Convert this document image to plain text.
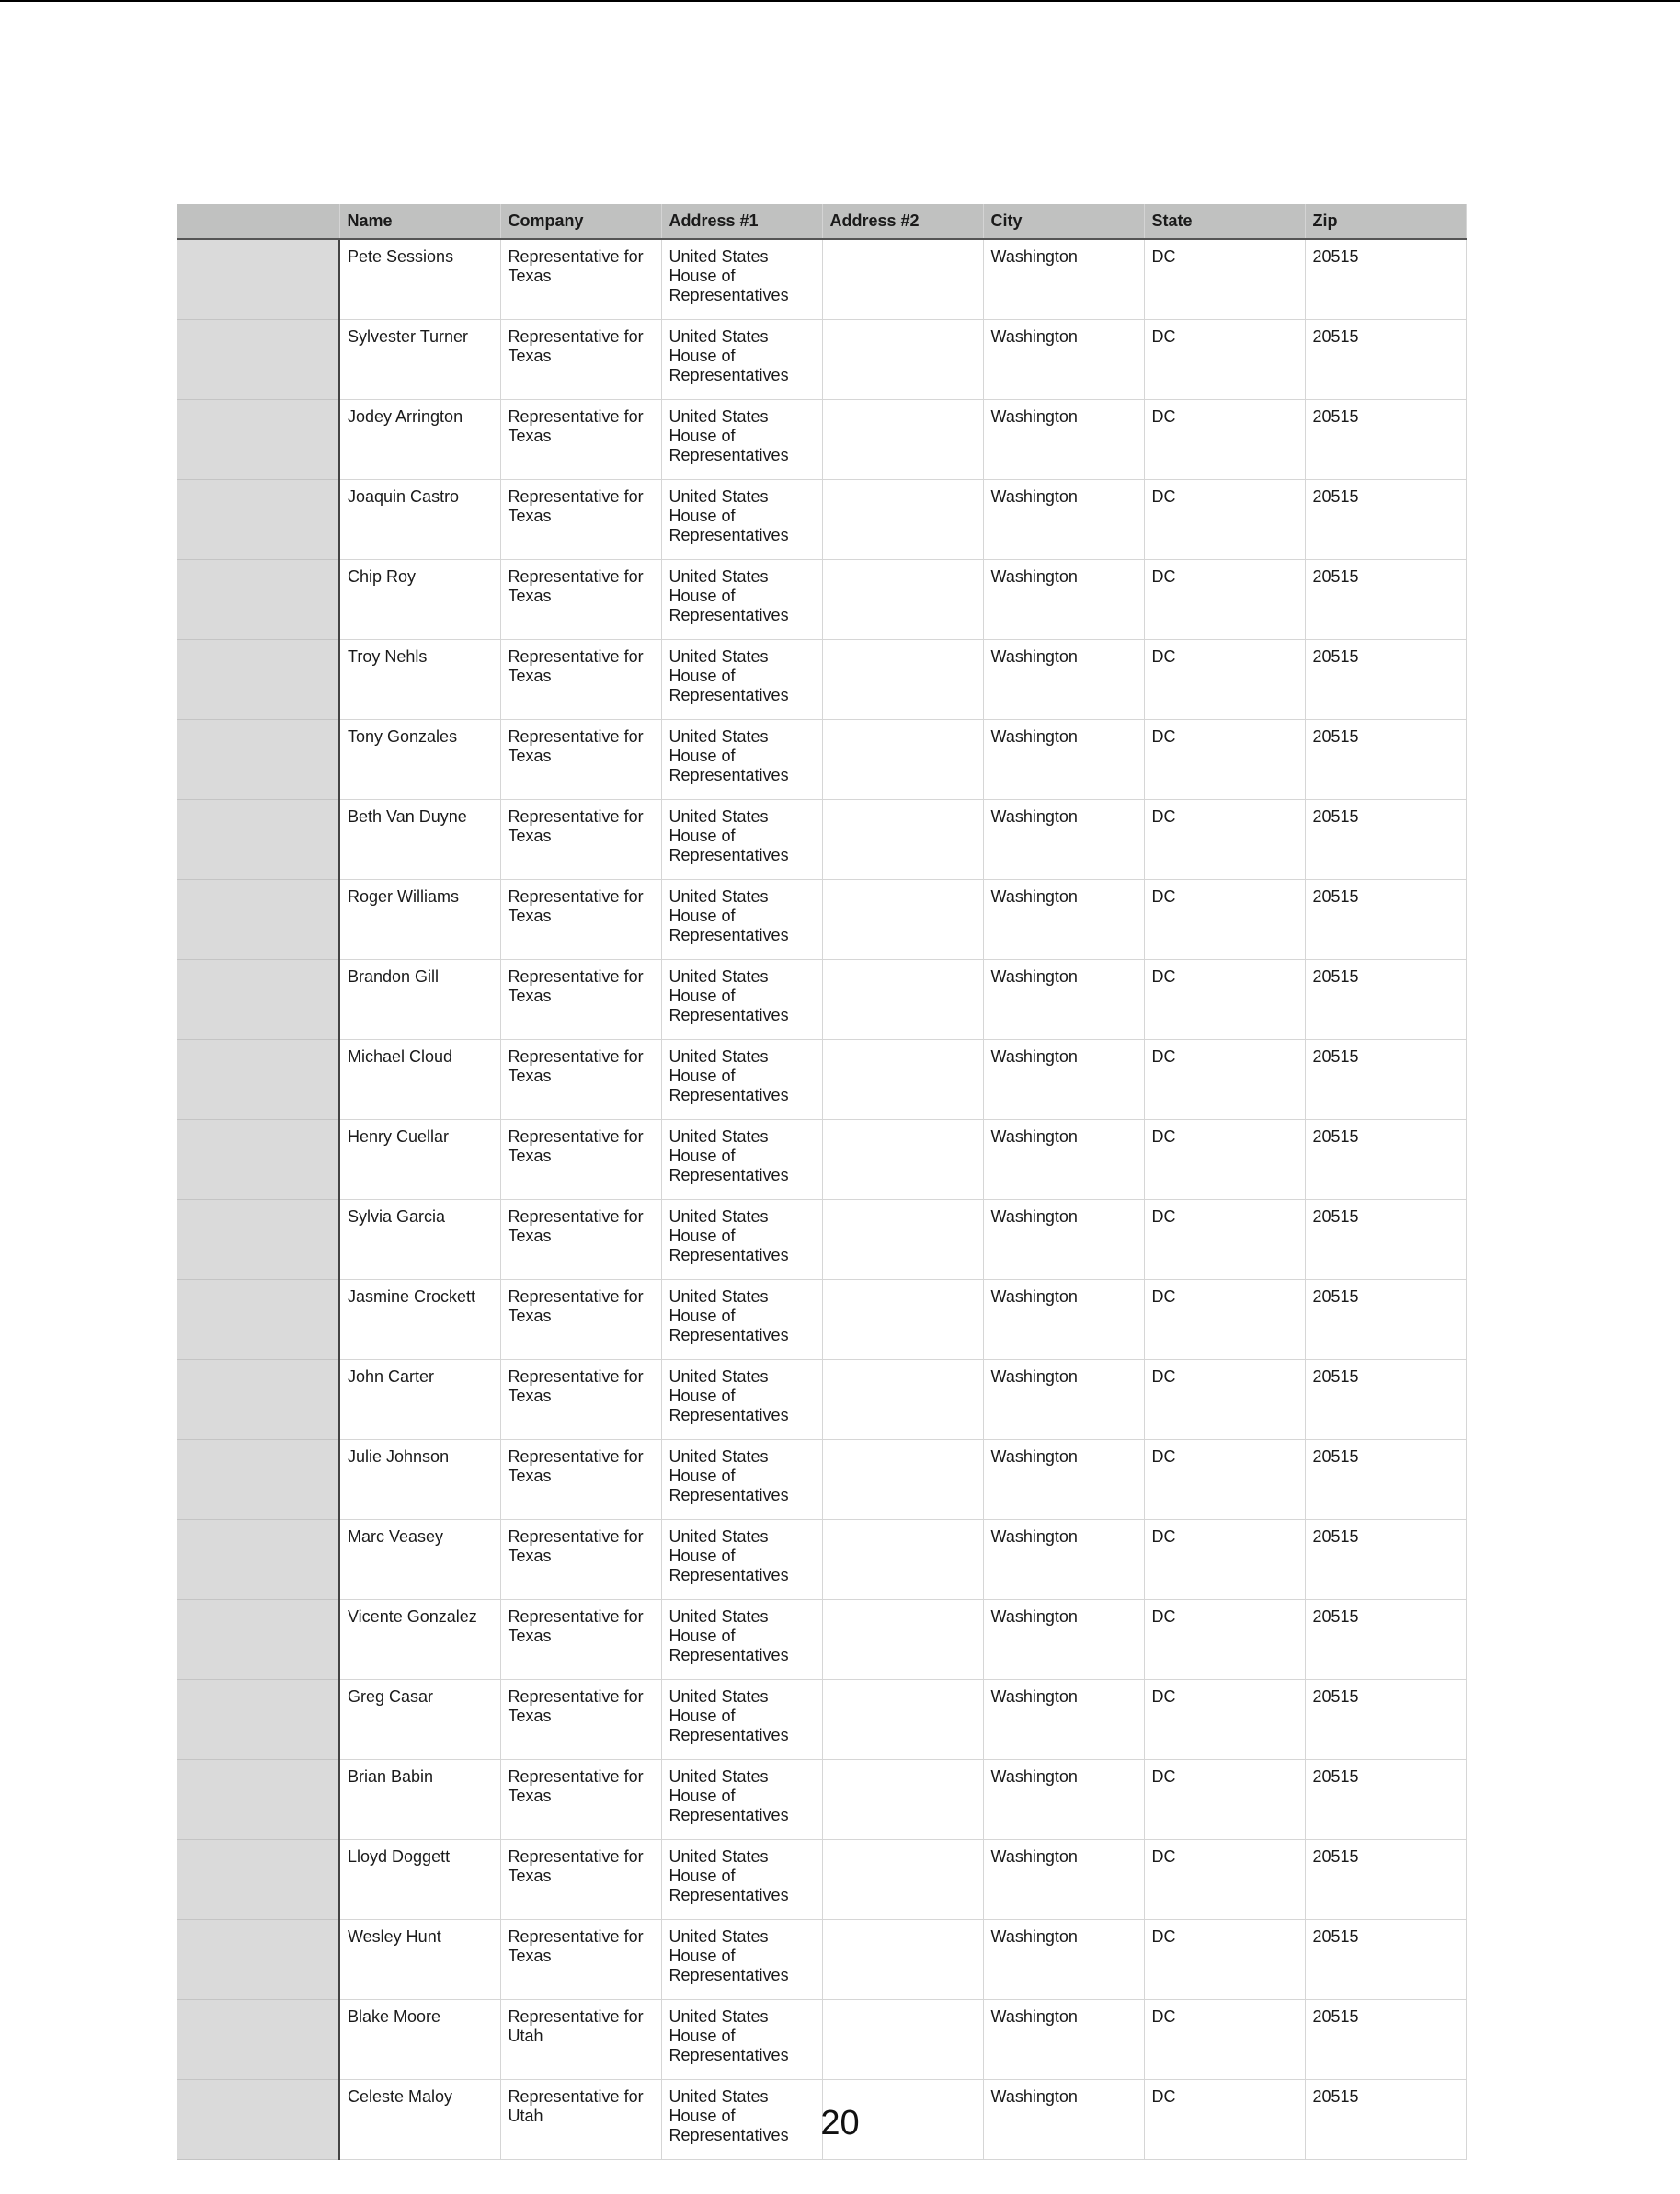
	Name	Company	Address #1	Address #2	City	State	Zip
	Pete Sessions	Representative for Texas	United States House of Representatives		Washington	DC	20515
	Sylvester Turner	Representative for Texas	United States House of Representatives		Washington	DC	20515
	Jodey Arrington	Representative for Texas	United States House of Representatives		Washington	DC	20515
	Joaquin Castro	Representative for Texas	United States House of Representatives		Washington	DC	20515
	Chip Roy	Representative for Texas	United States House of Representatives		Washington	DC	20515
	Troy Nehls	Representative for Texas	United States House of Representatives		Washington	DC	20515
	Tony Gonzales	Representative for Texas	United States House of Representatives		Washington	DC	20515
	Beth Van Duyne	Representative for Texas	United States House of Representatives		Washington	DC	20515
	Roger Williams	Representative for Texas	United States House of Representatives		Washington	DC	20515
	Brandon Gill	Representative for Texas	United States House of Representatives		Washington	DC	20515
	Michael Cloud	Representative for Texas	United States House of Representatives		Washington	DC	20515
	Henry Cuellar	Representative for Texas	United States House of Representatives		Washington	DC	20515
	Sylvia Garcia	Representative for Texas	United States House of Representatives		Washington	DC	20515
	Jasmine Crockett	Representative for Texas	United States House of Representatives		Washington	DC	20515
	John Carter	Representative for Texas	United States House of Representatives		Washington	DC	20515
	Julie Johnson	Representative for Texas	United States House of Representatives		Washington	DC	20515
	Marc Veasey	Representative for Texas	United States House of Representatives		Washington	DC	20515
	Vicente Gonzalez	Representative for Texas	United States House of Representatives		Washington	DC	20515
	Greg Casar	Representative for Texas	United States House of Representatives		Washington	DC	20515
	Brian Babin	Representative for Texas	United States House of Representatives		Washington	DC	20515
	Lloyd Doggett	Representative for Texas	United States House of Representatives		Washington	DC	20515
	Wesley Hunt	Representative for Texas	United States House of Representatives		Washington	DC	20515
	Blake Moore	Representative for Utah	United States House of Representatives		Washington	DC	20515
	Celeste Maloy	Representative for Utah	United States House of Representatives		Washington	DC	20515
20
